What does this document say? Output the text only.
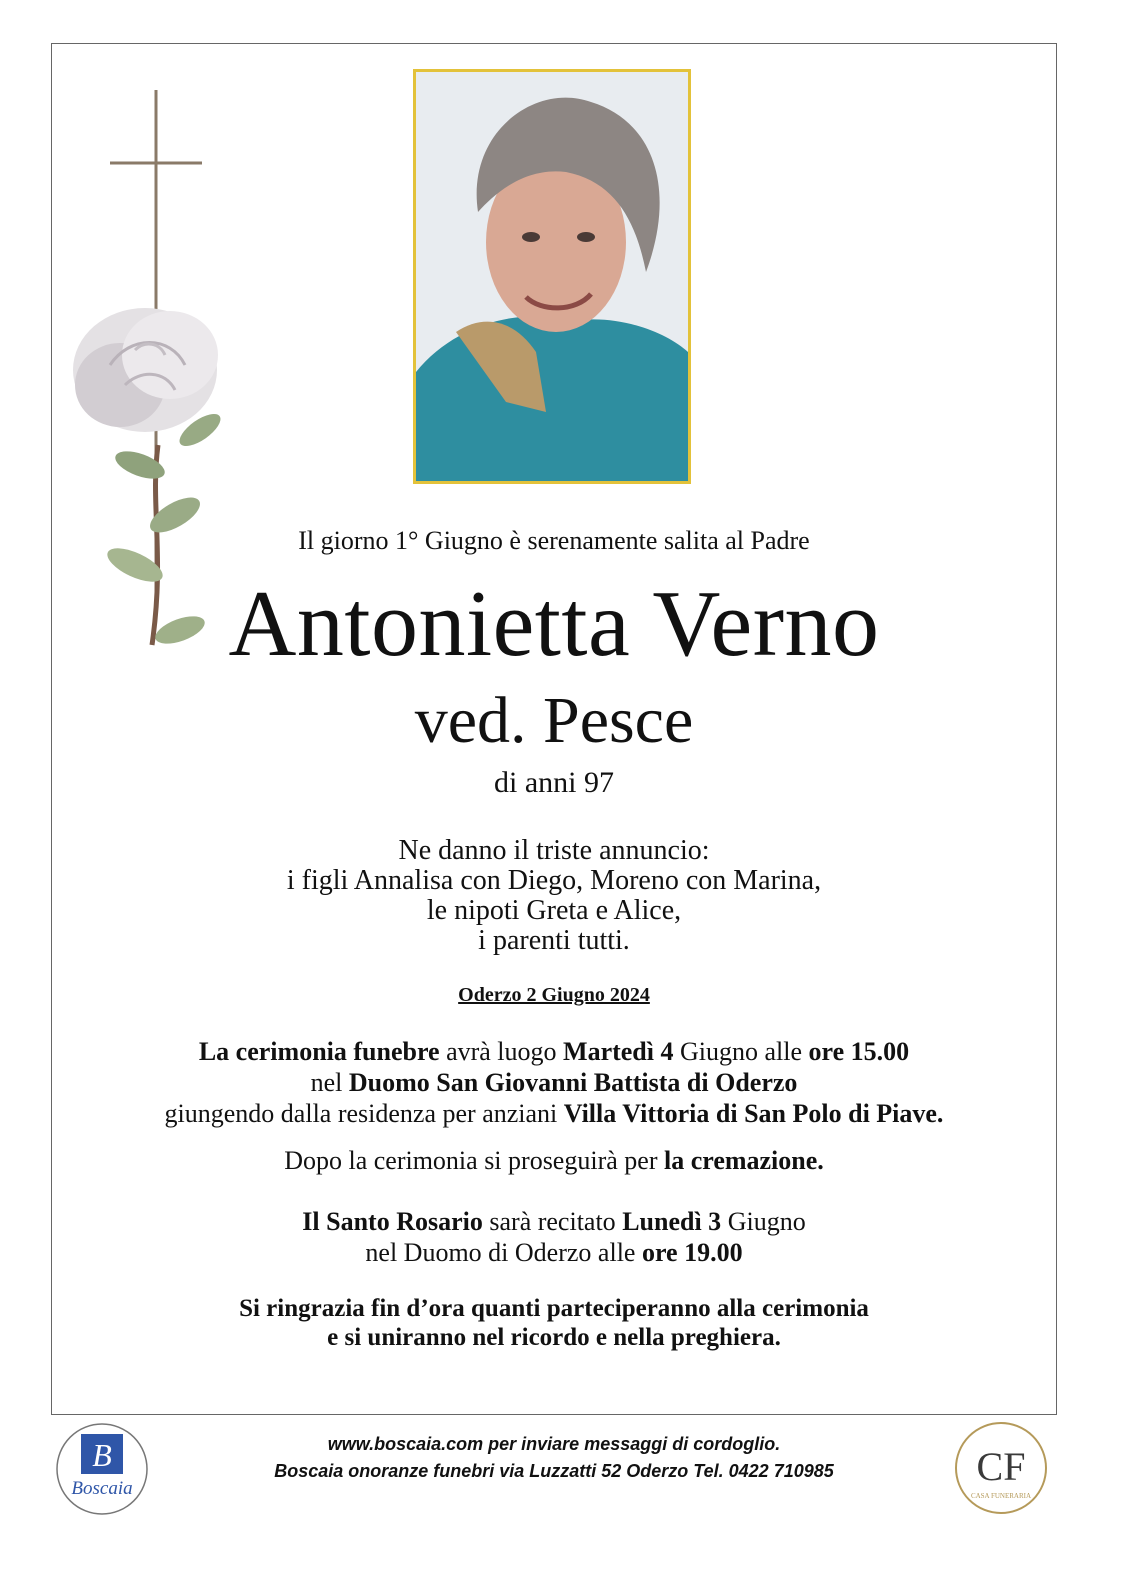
Il giorno 1° Giugno è serenamente salita al Padre
Antonietta Verno
ved. Pesce
di anni 97
Ne danno il triste annuncio:
i figli Annalisa con Diego, Moreno con Marina,
le nipoti Greta e Alice,
i parenti tutti.
Oderzo 2 Giugno 2024
La cerimonia funebre avrà luogo Martedì 4 Giugno alle ore 15.00
nel Duomo San Giovanni Battista di Oderzo
giungendo dalla residenza per anziani Villa Vittoria di San Polo di Piave.
Dopo la cerimonia si proseguirà per la cremazione.
Il Santo Rosario sarà recitato Lunedì 3 Giugno
nel Duomo di Oderzo alle ore 19.00
Si ringrazia fin d’ora quanti parteciperanno alla cerimonia
e si uniranno nel ricordo e nella preghiera.
B
Boscaia
www.boscaia.com per inviare messaggi di cordoglio.
Boscaia onoranze funebri via Luzzatti 52 Oderzo Tel. 0422 710985	CF
CASA FUNERARIA
